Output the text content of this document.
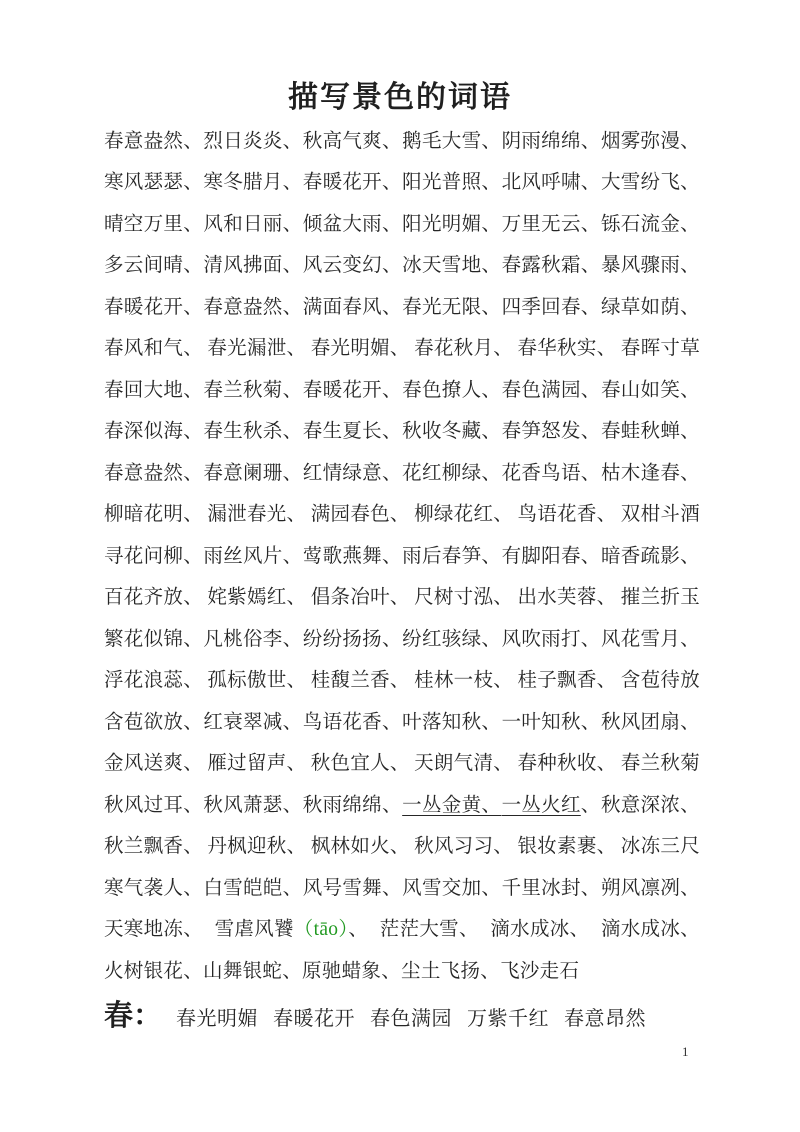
描写景色的词语
春意盎然、 烈日炎炎、 秋高气爽、 鹅毛大雪、 阴雨绵绵、 烟雾弥漫、
寒风瑟瑟、 寒冬腊月、 春暖花开、 阳光普照、 北风呼啸、 大雪纷飞、
晴空万里、 风和日丽、 倾盆大雨、 阳光明媚、 万里无云、 铄石流金、
多云间晴、 清风拂面、 风云变幻、 冰天雪地、 春露秋霜、 暴风骤雨、
春暖花开、 春意盎然、 满面春风、 春光无限、 四季回春、 绿草如荫、
春风和气、 春光漏泄、 春光明媚、 春花秋月、 春华秋实、 春晖寸草
春回大地、 春兰秋菊、 春暖花开、 春色撩人、 春色满园、 春山如笑、
春深似海、 春生秋杀、 春生夏长、 秋收冬藏、 春笋怒发、 春蛙秋蝉、
春意盎然、 春意阑珊、 红情绿意、 花红柳绿、 花香鸟语、 枯木逢春、
柳暗花明、 漏泄春光、 满园春色、 柳绿花红、 鸟语花香、 双柑斗酒
寻花问柳、 雨丝风片、 莺歌燕舞、 雨后春笋、 有脚阳春、 暗香疏影、
百花齐放、 姹紫嫣红、 倡条冶叶、 尺树寸泓、 出水芙蓉、 摧兰折玉
繁花似锦、 凡桃俗李、 纷纷扬扬、 纷红骇绿、 风吹雨打、 风花雪月、
浮花浪蕊、 孤标傲世、 桂馥兰香、 桂林一枝、 桂子飘香、 含苞待放
含苞欲放、 红衰翠减、 鸟语花香、 叶落知秋、 一叶知秋、 秋风团扇、
金风送爽、 雁过留声、 秋色宜人、 天朗气清、 春种秋收、 春兰秋菊
秋风过耳、 秋风萧瑟、 秋雨绵绵、 一丛金黄、 一丛火红、 秋意深浓、
秋兰飘香、 丹枫迎秋、 枫林如火、 秋风习习、 银妆素裹、 冰冻三尺
寒气袭人、 白雪皑皑、 风号雪舞、 风雪交加、 千里冰封、 朔风凛冽、
天寒地冻、 雪虐风饕（tāo）、 茫茫大雪、 滴水成冰、 滴水成冰、
火树银花、 山舞银蛇、 原驰蜡象、 尘土飞扬、 飞沙走石
春： 春光明媚 春暖花开 春色满园 万紫千红 春意昂然
1
